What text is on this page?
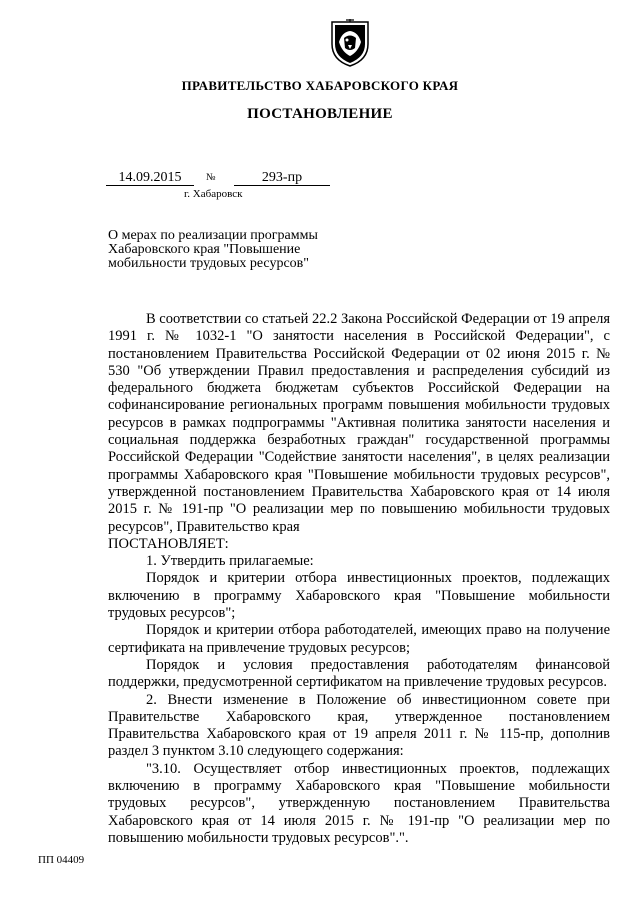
ПРАВИТЕЛЬСТВО ХАБАРОВСКОГО КРАЯ
ПОСТАНОВЛЕНИЕ
14.09.2015	№	293-пр
г. Хабаровск
О мерах по реализации программы Хабаровского края "Повышение мобильности трудовых ресурсов"

В соответствии со статьей 22.2 Закона Российской Федерации от 19 апреля 1991 г. № 1032-1 "О занятости населения в Российской Федерации", с постановлением Правительства Российской Федерации от 02 июня 2015 г. № 530 "Об утверждении Правил предоставления и распределения субсидий из федерального бюджета бюджетам субъектов Российской Федерации на софинансирование региональных программ повышения мобильности трудовых ресурсов в рамках подпрограммы "Активная политика занятости населения и социальная поддержка безработных граждан" государственной программы Российской Федерации "Содействие занятости населения", в целях реализации программы Хабаровского края "Повышение мобильности трудовых ресурсов", утвержденной постановлением Правительства Хабаровского края от 14 июля 2015 г. № 191-пр "О реализации мер по повышению мобильности трудовых ресурсов", Правительство края

ПОСТАНОВЛЯЕТ:

1. Утвердить прилагаемые:

Порядок и критерии отбора инвестиционных проектов, подлежащих включению в программу Хабаровского края "Повышение мобильности трудовых ресурсов";

Порядок и критерии отбора работодателей, имеющих право на получение сертификата на привлечение трудовых ресурсов;

Порядок и условия предоставления работодателям финансовой поддержки, предусмотренной сертификатом на привлечение трудовых ресурсов.

2. Внести изменение в Положение об инвестиционном совете при Правительстве Хабаровского края, утвержденное постановлением Правительства Хабаровского края от 19 апреля 2011 г. № 115-пр, дополнив раздел 3 пунктом 3.10 следующего содержания:

"3.10. Осуществляет отбор инвестиционных проектов, подлежащих включению в программу Хабаровского края "Повышение мобильности трудовых ресурсов", утвержденную постановлением Правительства Хабаровского края от 14 июля 2015 г. № 191-пр "О реализации мер по повышению мобильности трудовых ресурсов".".

ПП 04409
